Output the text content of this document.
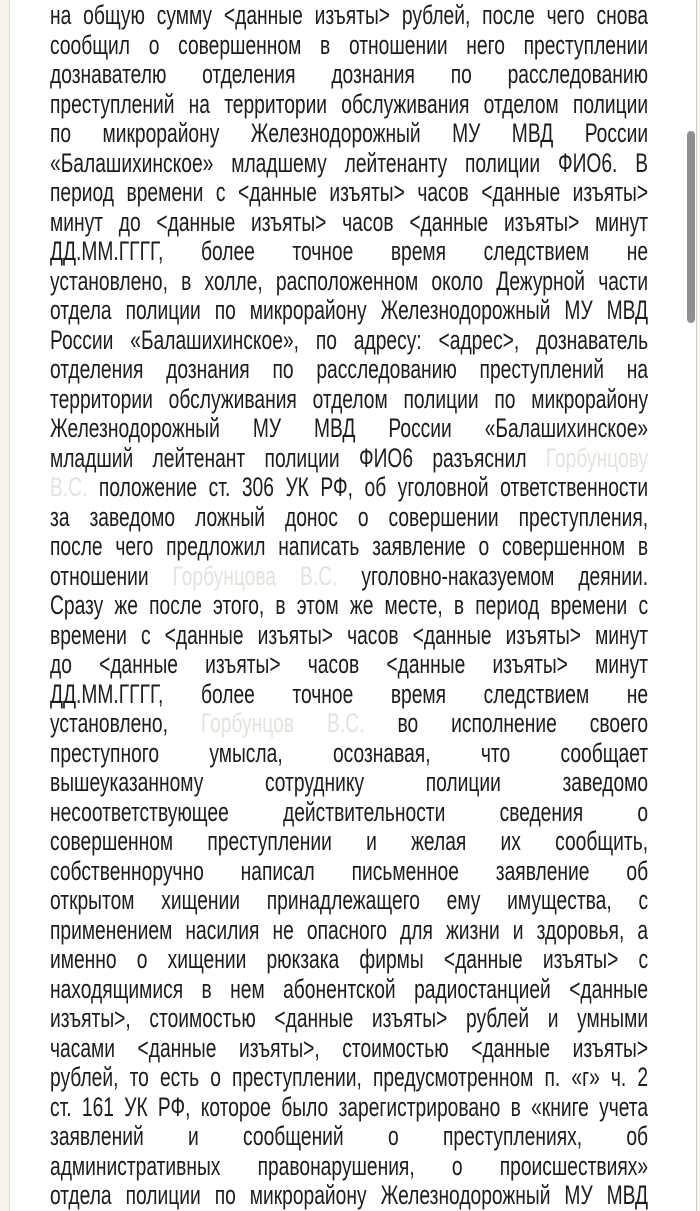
на общую сумму <данные изъяты> рублей, после чего снова
сообщил о совершенном в отношении него преступлении
дознавателю отделения дознания по расследованию
преступлений на территории обслуживания отделом полиции
по микрорайону Железнодорожный МУ МВД России
«Балашихинское» младшему лейтенанту полиции ФИО6. В
период времени с <данные изъяты> часов <данные изъяты>
минут до <данные изъяты> часов <данные изъяты> минут
ДД.ММ.ГГГГ, более точное время следствием не
установлено, в холле, расположенном около Дежурной части
отдела полиции по микрорайону Железнодорожный МУ МВД
России «Балашихинское», по адресу: <адрес>, дознаватель
отделения дознания по расследованию преступлений на
территории обслуживания отделом полиции по микрорайону
Железнодорожный МУ МВД России «Балашихинское»
младший лейтенант полиции ФИО6 разъяснил Горбунцову
В.С. положение ст. 306 УК РФ, об уголовной ответственности
за заведомо ложный донос о совершении преступления,
после чего предложил написать заявление о совершенном в
отношении Горбунцова В.С. уголовно-наказуемом деянии.
Сразу же после этого, в этом же месте, в период времени с
времени с <данные изъяты> часов <данные изъяты> минут
до <данные изъяты> часов <данные изъяты> минут
ДД.ММ.ГГГГ, более точное время следствием не
установлено, Горбунцов В.С. во исполнение своего
преступного умысла, осознавая, что сообщает
вышеуказанному сотруднику полиции заведомо
несоответствующее действительности сведения о
совершенном преступлении и желая их сообщить,
собственноручно написал письменное заявление об
открытом хищении принадлежащего ему имущества, с
применением насилия не опасного для жизни и здоровья, а
именно о хищении рюкзака фирмы <данные изъяты> с
находящимися в нем абонентской радиостанцией <данные
изъяты>, стоимостью <данные изъяты> рублей и умными
часами <данные изъяты>, стоимостью <данные изъяты>
рублей, то есть о преступлении, предусмотренном п. «г» ч. 2
ст. 161 УК РФ, которое было зарегистрировано в «книге учета
заявлений и сообщений о преступлениях, об
административных правонарушения, о происшествиях»
отдела полиции по микрорайону Железнодорожный МУ МВД
